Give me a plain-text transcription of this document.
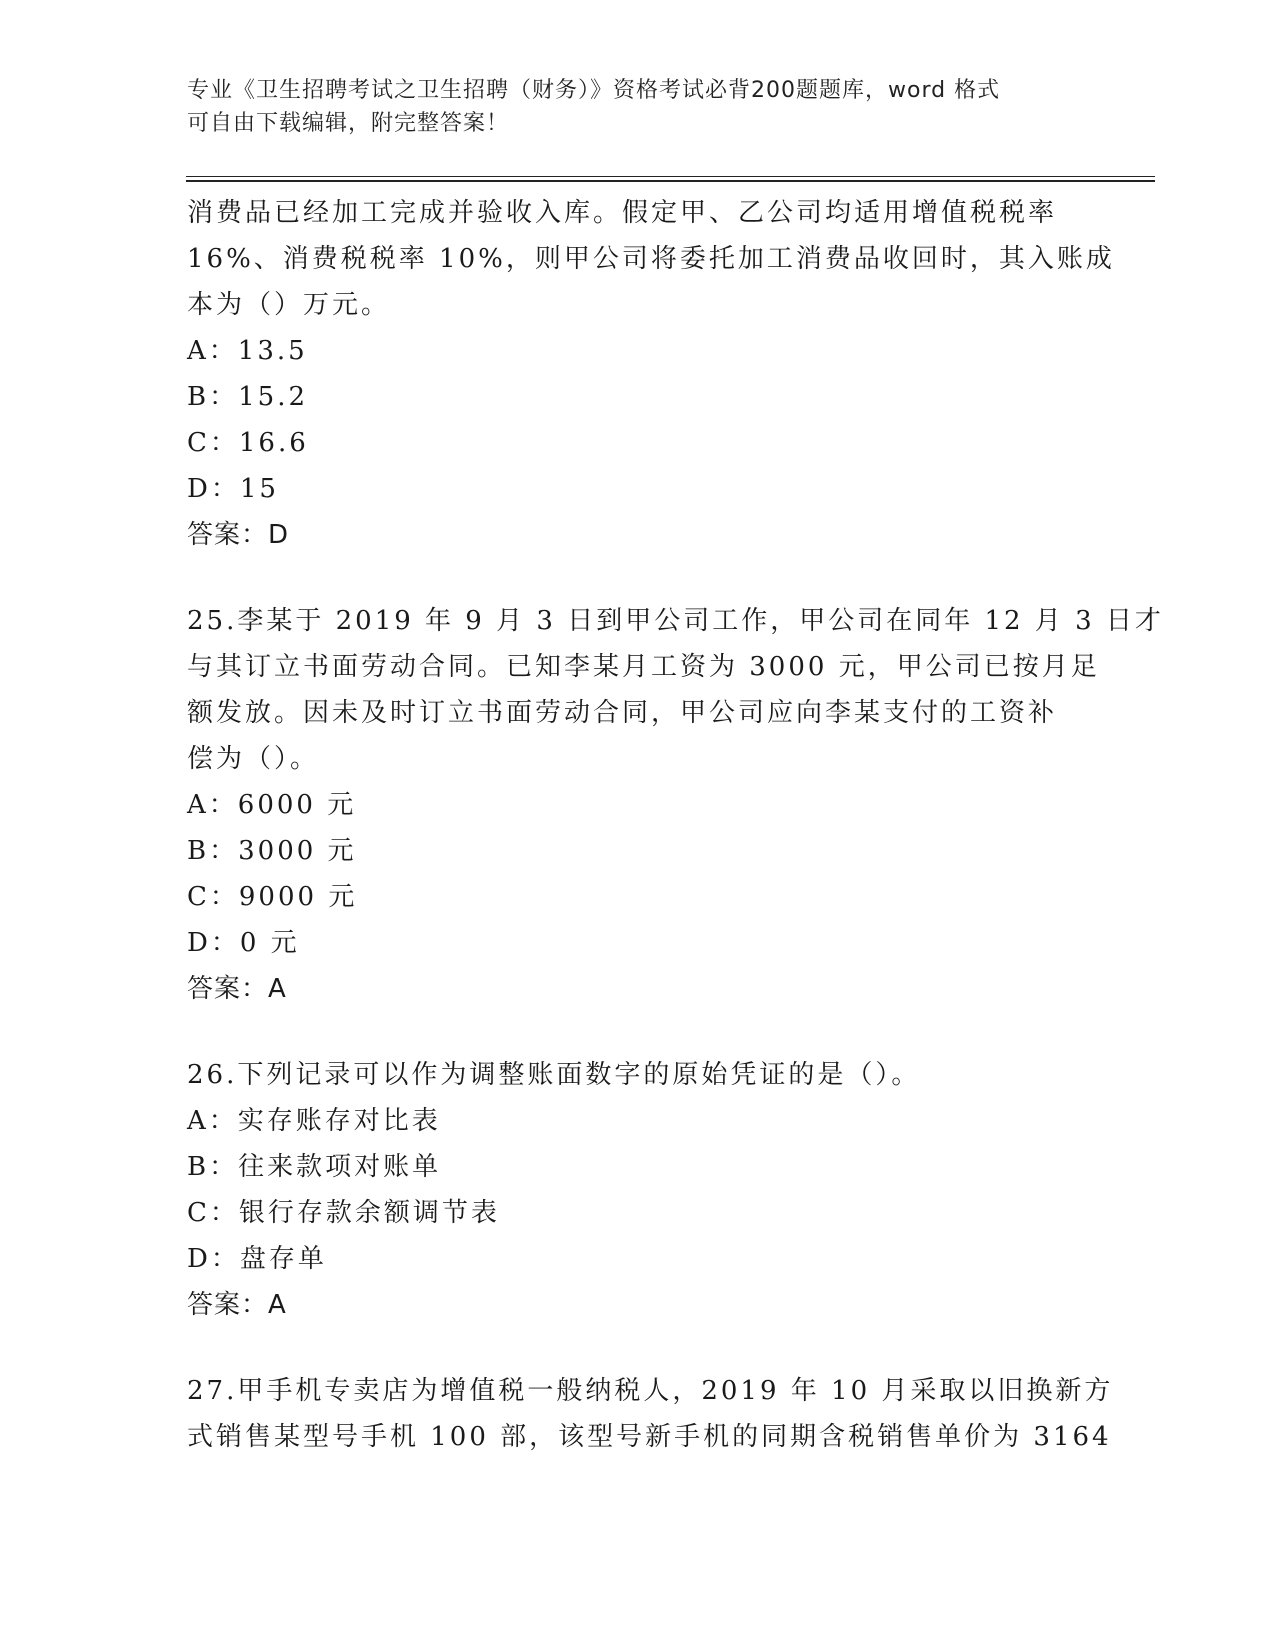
专业《卫生招聘考试之卫生招聘（财务）》资格考试必背200题题库，word 格式
可自由下载编辑，附完整答案！
消费品已经加工完成并验收入库。假定甲、乙公司均适用增值税税率
16%、消费税税率 10%，则甲公司将委托加工消费品收回时，其入账成
本为（）万元。
A：13.5
B：15.2
C：16.6
D：15
答案：D
25.李某于 2019 年 9 月 3 日到甲公司工作，甲公司在同年 12 月 3 日才
与其订立书面劳动合同。已知李某月工资为 3000 元，甲公司已按月足
额发放。因未及时订立书面劳动合同，甲公司应向李某支付的工资补
偿为（）。
A：6000 元
B：3000 元
C：9000 元
D：0 元
答案：A
26.下列记录可以作为调整账面数字的原始凭证的是（）。
A：实存账存对比表
B：往来款项对账单
C：银行存款余额调节表
D：盘存单
答案：A
27.甲手机专卖店为增值税一般纳税人，2019 年 10 月采取以旧换新方
式销售某型号手机 100 部，该型号新手机的同期含税销售单价为 3164
